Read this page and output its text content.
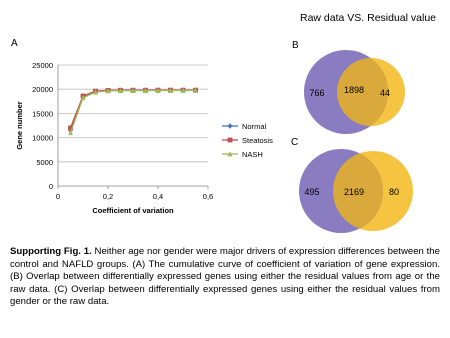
Raw data VS. Residual value
A	B
C
0
5000
10000
15000
20000
25000
0	0,2	0,4	0,6
Coefficient of variation
Gene number	Normal
Steatosis
NASH
766 1898 44
495	2169	80
Supporting Fig. 1. Neither age nor gender were major drivers of expression differences between the control and NAFLD groups. (A) The cumulative curve of coefficient of variation of gene expression. (B) Overlap between differentially expressed genes using either the residual values from age or the raw data. (C) Overlap between differentially expressed genes using either the residual values from gender or the raw data.
